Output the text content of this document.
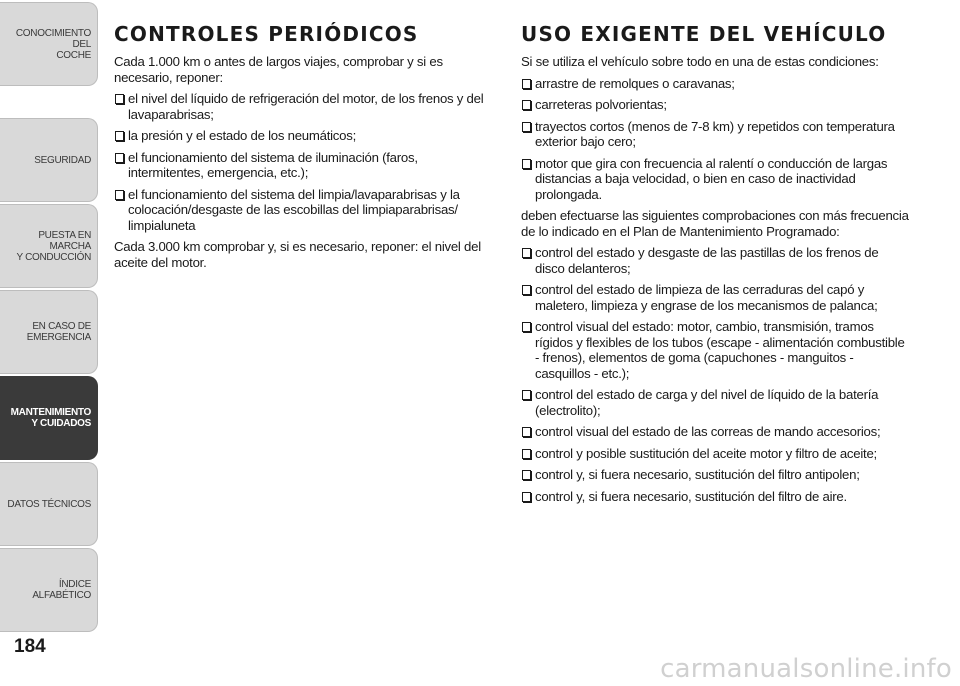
CONOCIMIENTO DEL
COCHE
SEGURIDAD
PUESTA EN MARCHA
Y CONDUCCIÓN
EN CASO DE
EMERGENCIA
MANTENIMIENTO
Y CUIDADOS
DATOS TÉCNICOS
ÍNDICE ALFABÉTICO
184
CONTROLES PERIÓDICOS

Cada 1.000 km o antes de largos viajes, comprobar y si es necesario, reponer:

el nivel del líquido de refrigeración del motor, de los frenos y del lavaparabrisas;
la presión y el estado de los neumáticos;
el funcionamiento del sistema de iluminación (faros, intermitentes, emergencia, etc.);
el funcionamiento del sistema del limpia/lavaparabrisas y la colocación/desgaste de las escobillas del limpiaparabrisas/ limpialuneta

Cada 3.000 km comprobar y, si es necesario, reponer: el nivel del aceite del motor.

USO EXIGENTE DEL VEHÍCULO

Si se utiliza el vehículo sobre todo en una de estas condiciones:

arrastre de remolques o caravanas;
carreteras polvorientas;
trayectos cortos (menos de 7-8 km) y repetidos con temperatura exterior bajo cero;
motor que gira con frecuencia al ralentí o conducción de largas distancias a baja velocidad, o bien en caso de inactividad prolongada.

deben efectuarse las siguientes comprobaciones con más frecuencia de lo indicado en el Plan de Mantenimiento Programado:

control del estado y desgaste de las pastillas de los frenos de disco delanteros;
control del estado de limpieza de las cerraduras del capó y maletero, limpieza y engrase de los mecanismos de palanca;
control visual del estado: motor, cambio, transmisión, tramos rígidos y flexibles de los tubos (escape - alimentación combustible - frenos), elementos de goma (capuchones - manguitos - casquillos - etc.);
control del estado de carga y del nivel de líquido de la batería (electrolito);
control visual del estado de las correas de mando accesorios;
control y posible sustitución del aceite motor y filtro de aceite;
control y, si fuera necesario, sustitución del filtro antipolen;
control y, si fuera necesario, sustitución del filtro de aire.
carmanualsonline.info
